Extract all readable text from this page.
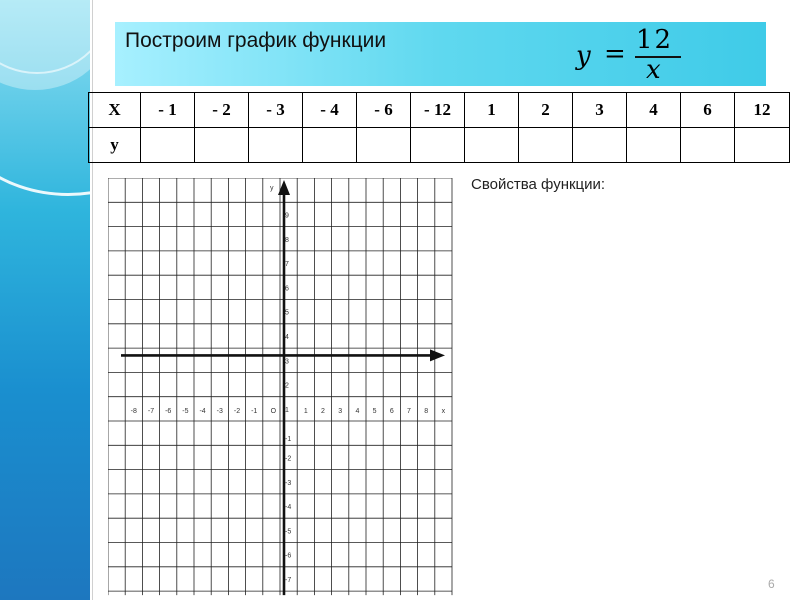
Построим график функции
y = 12
x
X	- 1	- 2	- 3	- 4	- 6	- 12	1	2	3	4	6	12
у												
-8 -7 -6 -5 -4 -3 -2 -1	1 2 3 4 5 6 7 8 x
O
9
8
7
6
5
4
3
2
1
-1
-2
-3
-4
-5
-6
-7
y	Свойства функции:
6
